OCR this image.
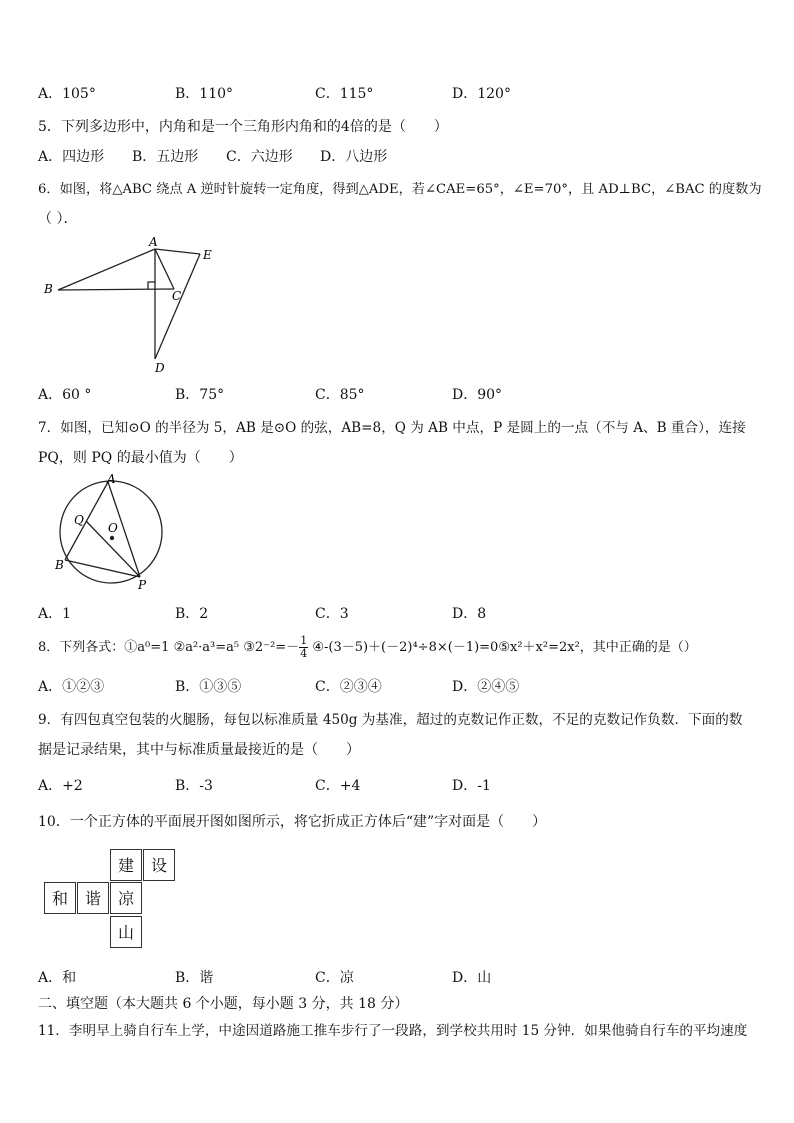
A．105°	B．110°	C．115°	D．120°
5．下列多边形中，内角和是一个三角形内角和的4倍的是（　　）
A．四边形 B．五边形 C．六边形 D．八边形
6．如图，将△ABC 绕点 A 逆时针旋转一定角度，得到△ADE，若∠CAE=65°，∠E=70°，且 AD⊥BC，∠BAC 的度数为
（ ）．
A
B	C
D
E
A．60 °	B．75°	C．85°	D．90°
7．如图，已知⊙O 的半径为 5，AB 是⊙O 的弦，AB=8，Q 为 AB 中点，P 是圆上的一点（不与 A、B 重合），连接
PQ，则 PQ 的最小值为（　　）
A
Q
O
B
P
A．1	B．2	C．3	D．8
8．下列各式：①a⁰=1 ②a²·a³=a⁵ ③2⁻²=－ $\frac{1}{4}$ ④-(3－5)＋(－2)⁴÷8×(－1)=0⑤x²＋x²=2x²，其中正确的是（）
A．①②③	B．①③⑤	C．②③④	D．②④⑤
9．有四包真空包装的火腿肠，每包以标准质量 450g 为基准，超过的克数记作正数，不足的克数记作负数．下面的数
据是记录结果，其中与标准质量最接近的是（　　）
A．+2	B．-3	C．+4	D．-1
10．一个正方体的平面展开图如图所示，将它折成正方体后“建”字对面是（　　）
建	设
和	谐	凉
山
A．和	B．谐	C．凉	D．山
二、填空题（本大题共 6 个小题，每小题 3 分，共 18 分）
11．李明早上骑自行车上学，中途因道路施工推车步行了一段路，到学校共用时 15 分钟．如果他骑自行车的平均速度
